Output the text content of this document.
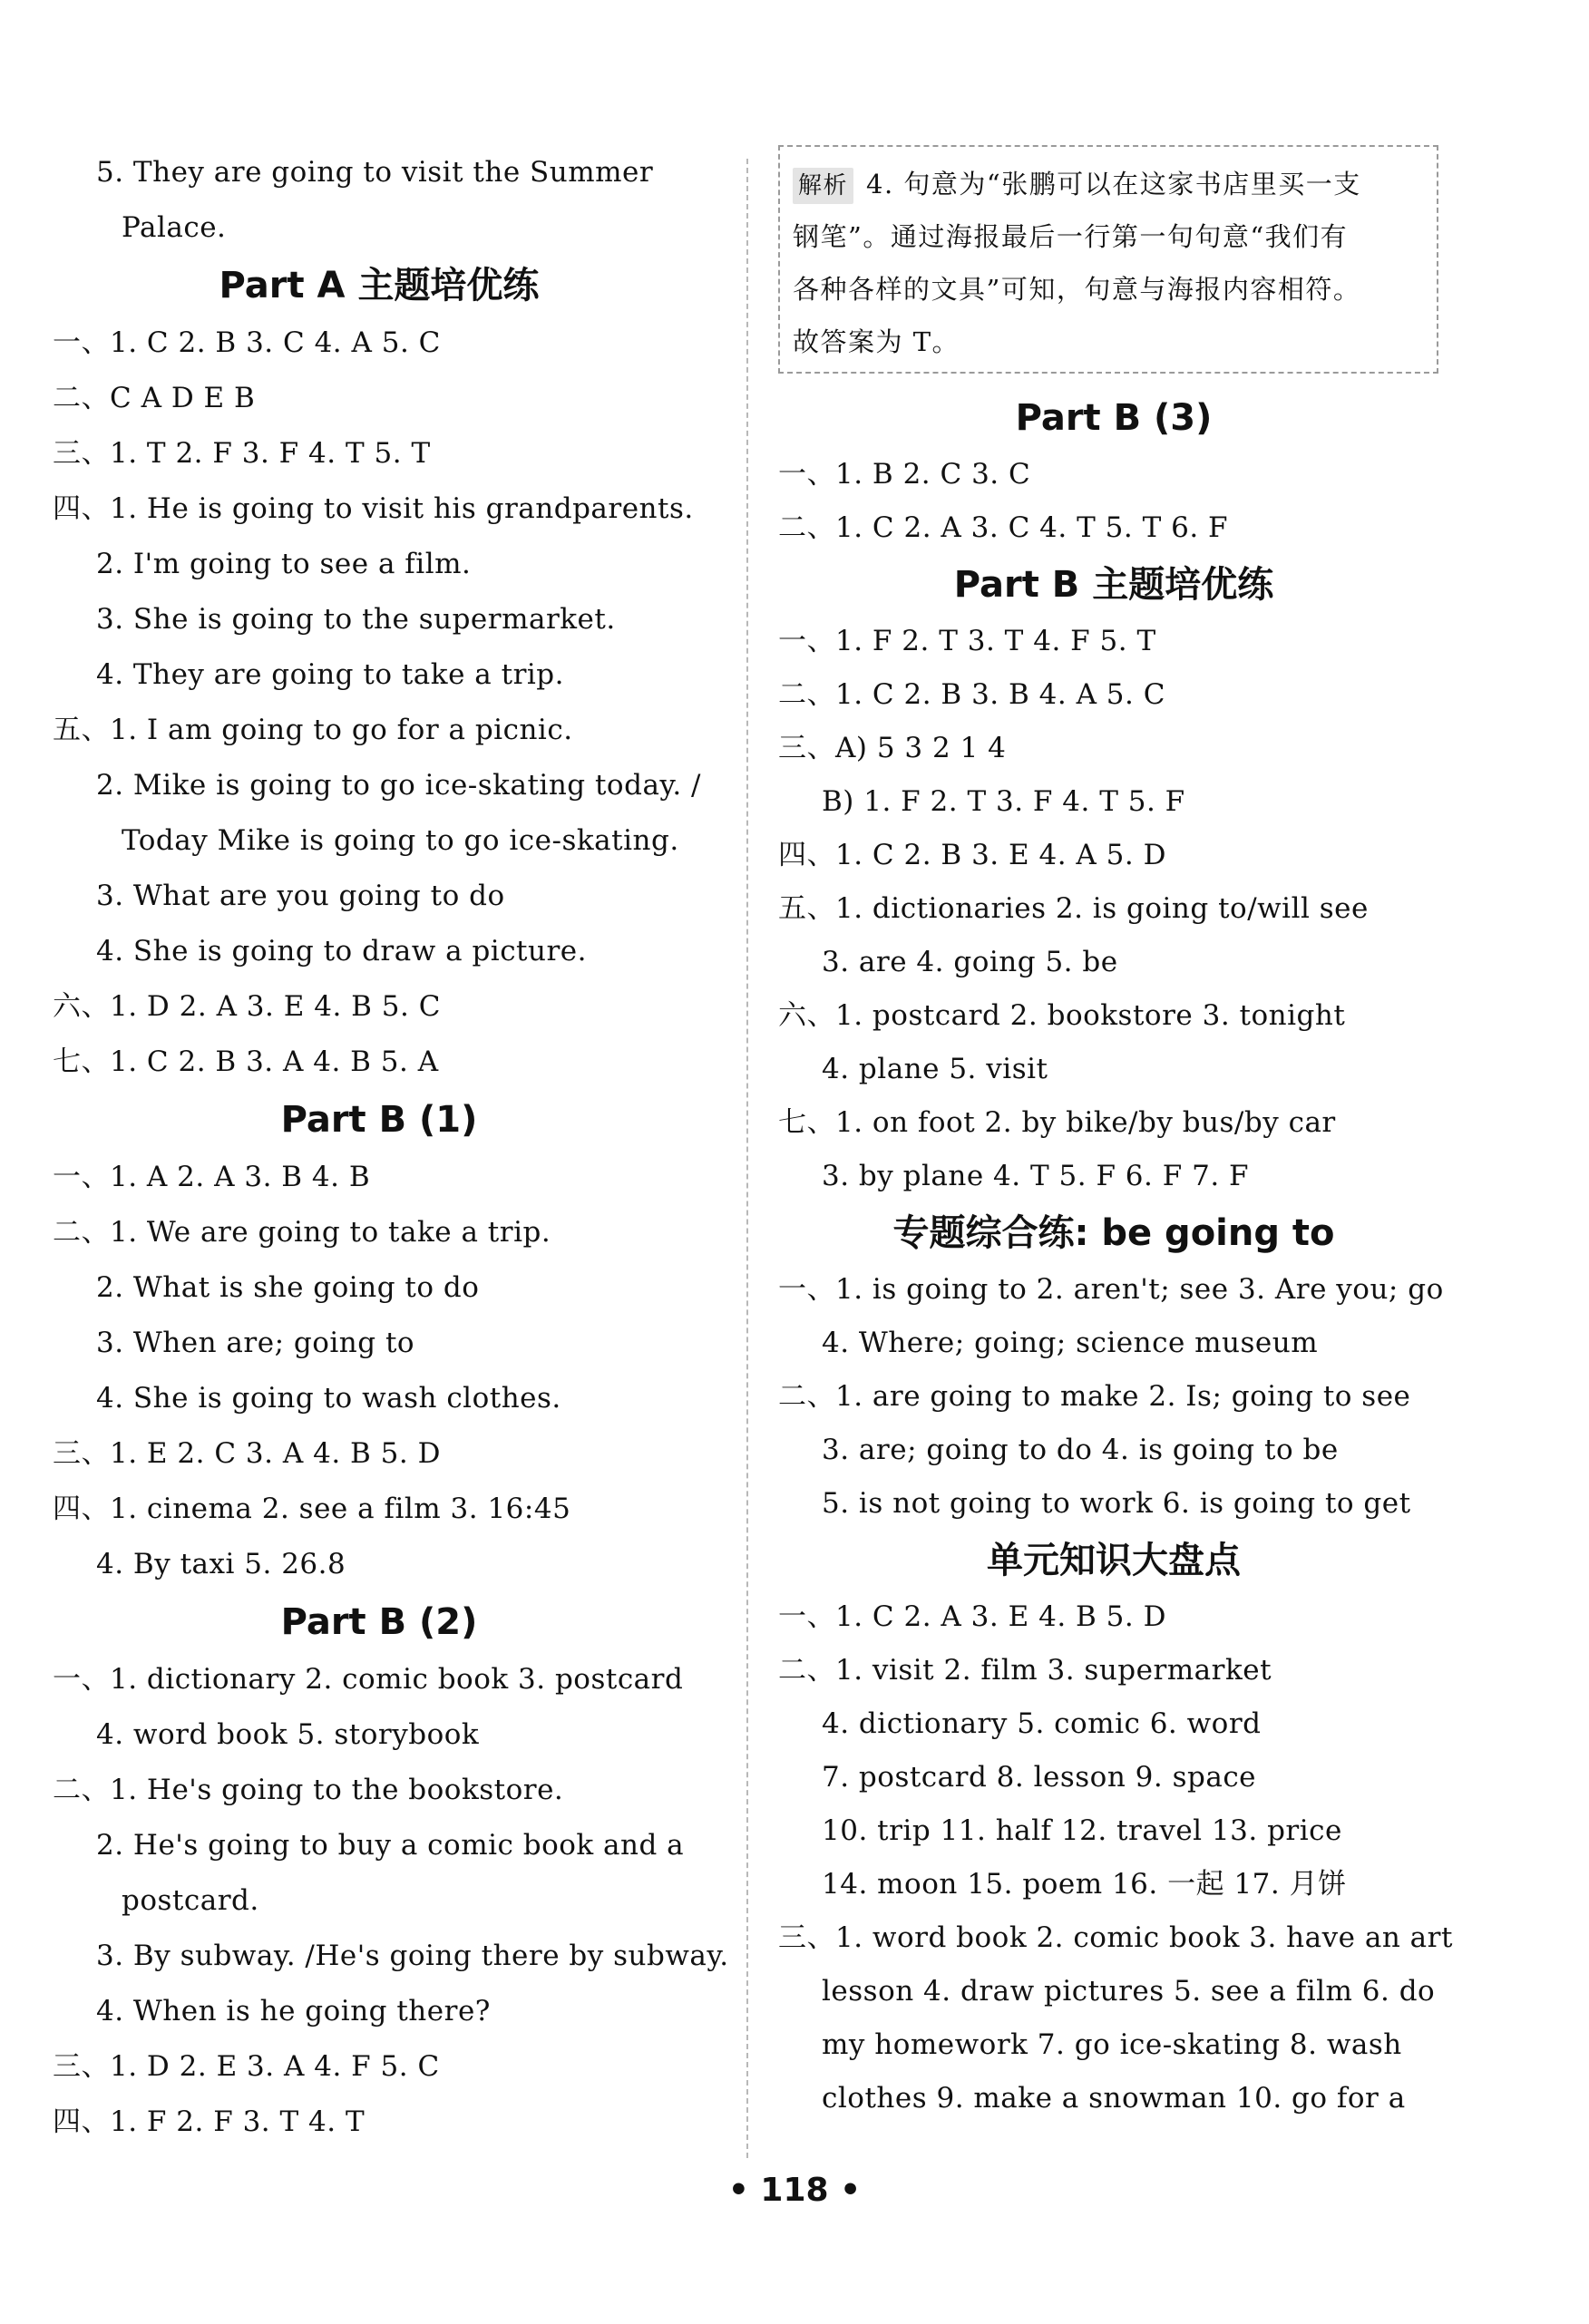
5. They are going to visit the Summer
Palace.
Part A 主题培优练
一、1. C 2. B 3. C 4. A 5. C
二、C A D E B
三、1. T 2. F 3. F 4. T 5. T
四、1. He is going to visit his grandparents.
2. I'm going to see a film.
3. She is going to the supermarket.
4. They are going to take a trip.
五、1. I am going to go for a picnic.
2. Mike is going to go ice-skating today. /
Today Mike is going to go ice-skating.
3. What are you going to do
4. She is going to draw a picture.
六、1. D 2. A 3. E 4. B 5. C
七、1. C 2. B 3. A 4. B 5. A
Part B (1)
一、1. A 2. A 3. B 4. B
二、1. We are going to take a trip.
2. What is she going to do
3. When are; going to
4. She is going to wash clothes.
三、1. E 2. C 3. A 4. B 5. D
四、1. cinema 2. see a film 3. 16:45
4. By taxi 5. 26.8
Part B (2)
一、1. dictionary 2. comic book 3. postcard
4. word book 5. storybook
二、1. He's going to the bookstore.
2. He's going to buy a comic book and a
postcard.
3. By subway. /He's going there by subway.
4. When is he going there?
三、1. D 2. E 3. A 4. F 5. C
四、1. F 2. F 3. T 4. T
解析 4. 句意为“张鹏可以在这家书店里买一支
钢笔”。通过海报最后一行第一句句意“我们有
各种各样的文具”可知，句意与海报内容相符。
故答案为 T。
Part B (3)
一、1. B 2. C 3. C
二、1. C 2. A 3. C 4. T 5. T 6. F
Part B 主题培优练
一、1. F 2. T 3. T 4. F 5. T
二、1. C 2. B 3. B 4. A 5. C
三、A) 5 3 2 1 4
B) 1. F 2. T 3. F 4. T 5. F
四、1. C 2. B 3. E 4. A 5. D
五、1. dictionaries 2. is going to/will see
3. are 4. going 5. be
六、1. postcard 2. bookstore 3. tonight
4. plane 5. visit
七、1. on foot 2. by bike/by bus/by car
3. by plane 4. T 5. F 6. F 7. F
专题综合练: be going to
一、1. is going to 2. aren't; see 3. Are you; go
4. Where; going; science museum
二、1. are going to make 2. Is; going to see
3. are; going to do 4. is going to be
5. is not going to work 6. is going to get
单元知识大盘点
一、1. C 2. A 3. E 4. B 5. D
二、1. visit 2. film 3. supermarket
4. dictionary 5. comic 6. word
7. postcard 8. lesson 9. space
10. trip 11. half 12. travel 13. price
14. moon 15. poem 16. 一起 17. 月饼
三、1. word book 2. comic book 3. have an art
lesson 4. draw pictures 5. see a film 6. do
my homework 7. go ice-skating 8. wash
clothes 9. make a snowman 10. go for a
• 118 •
